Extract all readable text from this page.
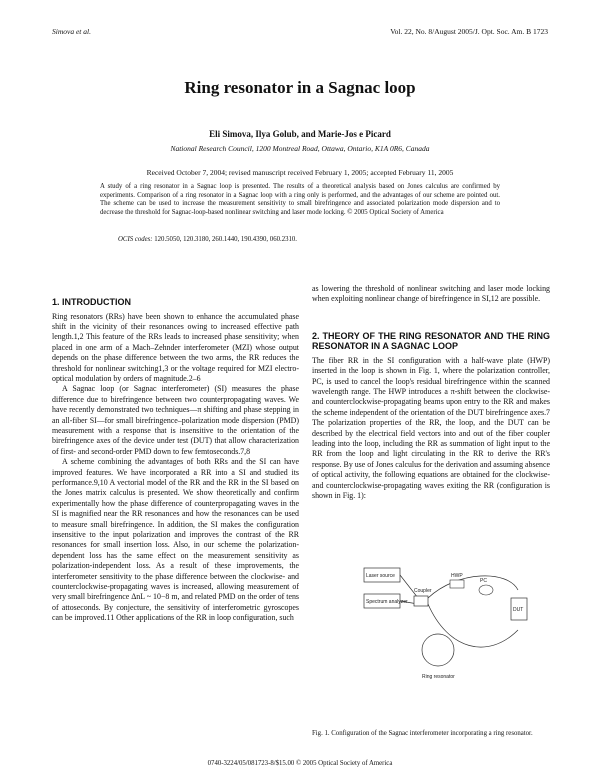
Simova et al.	Vol. 22, No. 8/August 2005/J. Opt. Soc. Am. B 1723
Ring resonator in a Sagnac loop
Eli Simova, Ilya Golub, and Marie-Jos e Picard
National Research Council, 1200 Montreal Road, Ottawa, Ontario, K1A 0R6, Canada
Received October 7, 2004; revised manuscript received February 1, 2005; accepted February 11, 2005
A study of a ring resonator in a Sagnac loop is presented. The results of a theoretical analysis based on Jones calculus are confirmed by experiments. Comparison of a ring resonator in a Sagnac loop with a ring only is performed, and the advantages of our scheme are pointed out. The scheme can be used to increase the measurement sensitivity to small birefringence and associated polarization mode dispersion and to decrease the threshold for Sagnac-loop-based nonlinear switching and laser mode locking. © 2005 Optical Society of America
OCIS codes: 120.5050, 120.3180, 260.1440, 190.4390, 060.2310.
1. INTRODUCTION

Ring resonators (RRs) have been shown to enhance the accumulated phase shift in the vicinity of their resonances owing to increased effective path length.1,2 This feature of the RRs leads to increased phase sensitivity; when placed in one arm of a Mach–Zehnder interferometer (MZI) whose output depends on the phase difference between the two arms, the RR reduces the threshold for nonlinear switching1,3 or the voltage required for MZI electro-optical modulation by orders of magnitude.2–6

A Sagnac loop (or Sagnac interferometer) (SI) measures the phase difference due to birefringence between two counterpropagating waves. We have recently demonstrated two techniques—π shifting and phase stepping in an all-fiber SI—for small birefringence–polarization mode dispersion (PMD) measurement with a response that is insensitive to the orientation of the birefringence axes of the device under test (DUT) that allow characterization of first- and second-order PMD down to few femtoseconds.7,8

A scheme combining the advantages of both RRs and the SI can have improved features. We have incorporated a RR into a SI and studied its performance.9,10 A vectorial model of the RR and the RR in the SI based on the Jones matrix calculus is presented. We show theoretically and confirm experimentally how the phase difference of counterpropagating waves in the SI is magnified near the RR resonances and how the resonances can be used to measure small birefringence. In addition, the SI makes the configuration insensitive to the input polarization and improves the contrast of the RR resonances for small insertion loss. Also, in our scheme the polarization-dependent loss has the same effect on the measurement sensitivity as polarization-independent loss. As a result of these improvements, the interferometer sensitivity to the phase difference between the clockwise- and counterclockwise-propagating waves is increased, allowing measurement of very small birefringence ΔnL ~ 10−8 m, and related PMD on the order of tens of attoseconds. By conjecture, the sensitivity of interferometric gyroscopes can be improved.11 Other applications of the RR in loop configuration, such

as lowering the threshold of nonlinear switching and laser mode locking when exploiting nonlinear change of birefringence in SI,12 are possible.

2. THEORY OF THE RING RESONATOR AND THE RING RESONATOR IN A SAGNAC LOOP

The fiber RR in the SI configuration with a half-wave plate (HWP) inserted in the loop is shown in Fig. 1, where the polarization controller, PC, is used to cancel the loop's residual birefringence within the scanned wavelength range. The HWP introduces a π-shift between the clockwise- and counterclockwise-propagating beams upon entry to the RR and makes the scheme independent of the orientation of the DUT birefringence axes.7 The polarization properties of the RR, the loop, and the DUT can be described by the electrical field vectors into and out of the fiber coupler leading into the loop, including the RR as summation of light input to the RR from the loop and light circulating in the RR to derive the RR's response. By use of Jones calculus for the derivation and assuming absence of optical activity, the following equations are obtained for the clockwise- and counterclockwise-propagating waves exiting the RR (configuration is shown in Fig. 1):

Laser source
Spectrum analyzer
Coupler
HWP
PC
DUT
Ring resonator
Fig. 1. Configuration of the Sagnac interferometer incorporating a ring resonator.
0740-3224/05/081723-8/$15.00 © 2005 Optical Society of America
